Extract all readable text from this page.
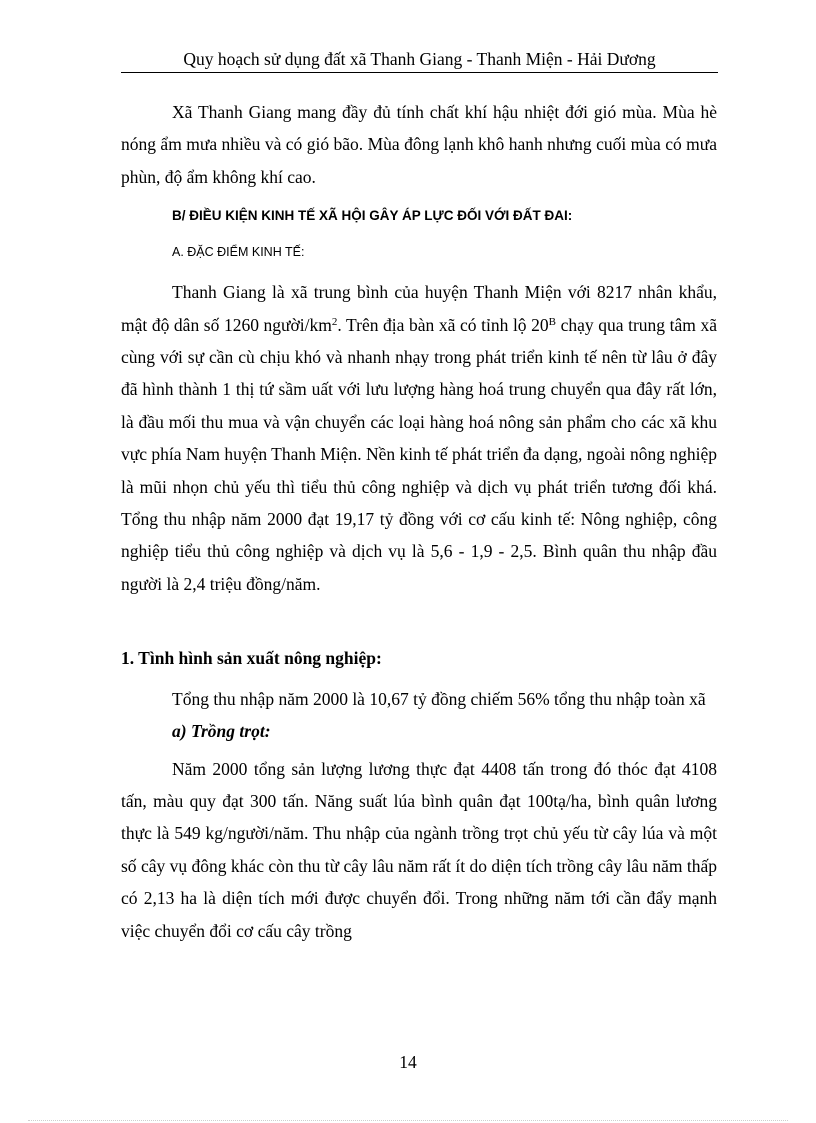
Quy hoạch sử dụng đất xã Thanh Giang - Thanh Miện - Hải Dương

Xã Thanh Giang mang đầy đủ tính chất khí hậu nhiệt đới gió mùa. Mùa hè nóng ẩm mưa nhiều và có gió bão. Mùa đông lạnh khô hanh nhưng cuối mùa có mưa phùn, độ ẩm không khí cao.

B/ ĐIỀU KIỆN KINH TẾ XÃ HỘI GÂY ÁP LỰC ĐỐI VỚI ĐẤT ĐAI:

A. ĐẶC ĐIỂM KINH TẾ:

Thanh Giang là xã trung bình của huyện Thanh Miện với 8217 nhân khẩu, mật độ dân số 1260 người/$km^2$. Trên địa bàn xã có tỉnh lộ $20^B$ chạy qua trung tâm xã cùng với sự cần cù chịu khó và nhanh nhạy trong phát triển kinh tế nên từ lâu ở đây đã hình thành 1 thị tứ sầm uất với lưu lượng hàng hoá trung chuyển qua đây rất lớn, là đầu mối thu mua và vận chuyển các loại hàng hoá nông sản phẩm cho các xã khu vực phía Nam huyện Thanh Miện. Nền kinh tế phát triển đa dạng, ngoài nông nghiệp là mũi nhọn chủ yếu thì tiểu thủ công nghiệp và dịch vụ phát triển tương đối khá. Tổng thu nhập năm 2000 đạt 19,17 tỷ đồng với cơ cấu kinh tế: Nông nghiệp, công nghiệp tiểu thủ công nghiệp và dịch vụ là 5,6 - 1,9 - 2,5. Bình quân thu nhập đầu người là 2,4 triệu đồng/năm.

1. Tình hình sản xuất nông nghiệp:

Tổng thu nhập năm 2000 là 10,67 tỷ đồng chiếm 56% tổng thu nhập toàn xã

a) Trồng trọt:

Năm 2000 tổng sản lượng lương thực đạt 4408 tấn trong đó thóc đạt 4108 tấn, màu quy đạt 300 tấn. Năng suất lúa bình quân đạt 100tạ/ha, bình quân lương thực là 549 kg/người/năm. Thu nhập của ngành trồng trọt chủ yếu từ cây lúa và một số cây vụ đông khác còn thu từ cây lâu năm rất ít do diện tích trồng cây lâu năm thấp có 2,13 ha là diện tích mới được chuyển đổi. Trong những năm tới cần đẩy mạnh việc chuyển đổi cơ cấu cây trồng

14
